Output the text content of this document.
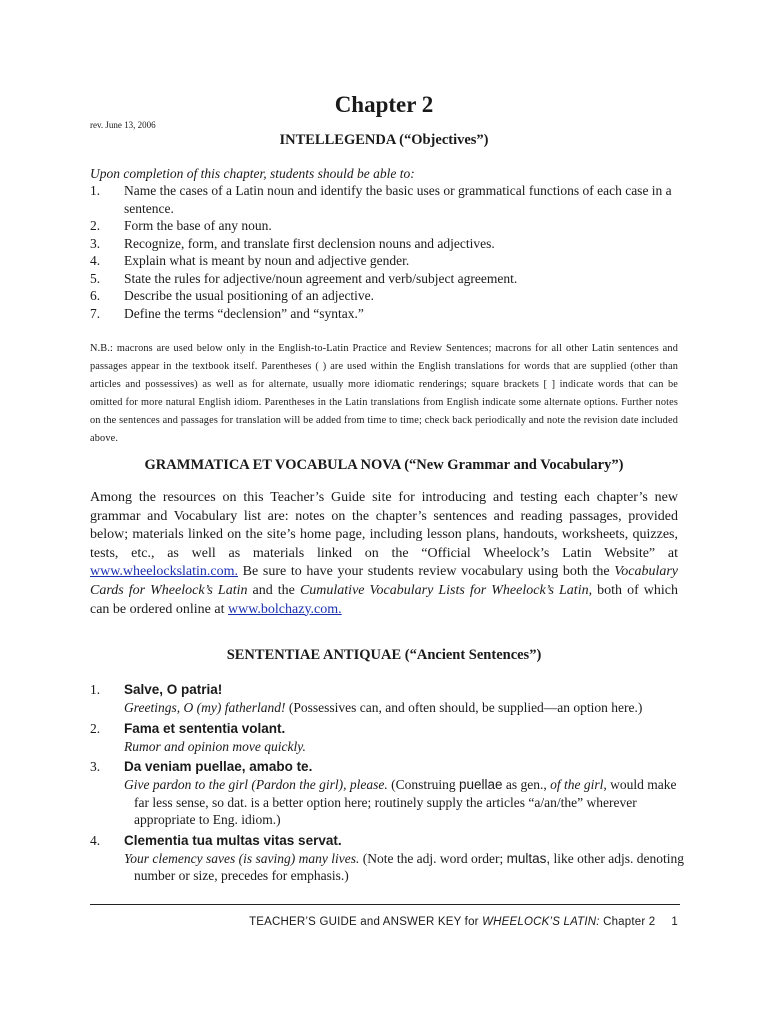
Chapter 2
rev. June 13, 2006
INTELLEGENDA (“Objectives”)
Upon completion of this chapter, students should be able to:
1.	Name the cases of a Latin noun and identify the basic uses or grammatical functions of each case in a sentence.
2.	Form the base of any noun.
3.	Recognize, form, and translate first declension nouns and adjectives.
4.	Explain what is meant by noun and adjective gender.
5.	State the rules for adjective/noun agreement and verb/subject agreement.
6.	Describe the usual positioning of an adjective.
7.	Define the terms “declension” and “syntax.”
N.B.: macrons are used below only in the English-to-Latin Practice and Review Sentences; macrons for all other Latin sentences and passages appear in the textbook itself. Parentheses ( ) are used within the English translations for words that are supplied (other than articles and possessives) as well as for alternate, usually more idiomatic renderings; square brackets [ ] indicate words that can be omitted for more natural English idiom. Parentheses in the Latin translations from English indicate some alternate options. Further notes on the sentences and passages for translation will be added from time to time; check back periodically and note the revision date included above.
GRAMMATICA ET VOCABULA NOVA (“New Grammar and Vocabulary”)
Among the resources on this Teacher’s Guide site for introducing and testing each chapter’s new grammar and Vocabulary list are: notes on the chapter’s sentences and reading passages, provided below; materials linked on the site’s home page, including lesson plans, handouts, worksheets, quizzes, tests, etc., as well as materials linked on the “Official Wheelock’s Latin Website” at www.wheelockslatin.com. Be sure to have your students review vocabulary using both the Vocabulary Cards for Wheelock’s Latin and the Cumulative Vocabulary Lists for Wheelock’s Latin, both of which can be ordered online at www.bolchazy.com.
SENTENTIAE ANTIQUAE (“Ancient Sentences”)
1. Salve, O patria!
Greetings, O (my) fatherland! (Possessives can, and often should, be supplied—an option here.)
2. Fama et sententia volant.
Rumor and opinion move quickly.
3. Da veniam puellae, amabo te.
Give pardon to the girl (Pardon the girl), please. (Construing puellae as gen., of the girl, would make far less sense, so dat. is a better option here; routinely supply the articles “a/an/the” wherever appropriate to Eng. idiom.)
4. Clementia tua multas vitas servat.
Your clemency saves (is saving) many lives. (Note the adj. word order; multas, like other adjs. denoting number or size, precedes for emphasis.)
TEACHER’S GUIDE and ANSWER KEY for WHEELOCK’S LATIN: Chapter 2 1
